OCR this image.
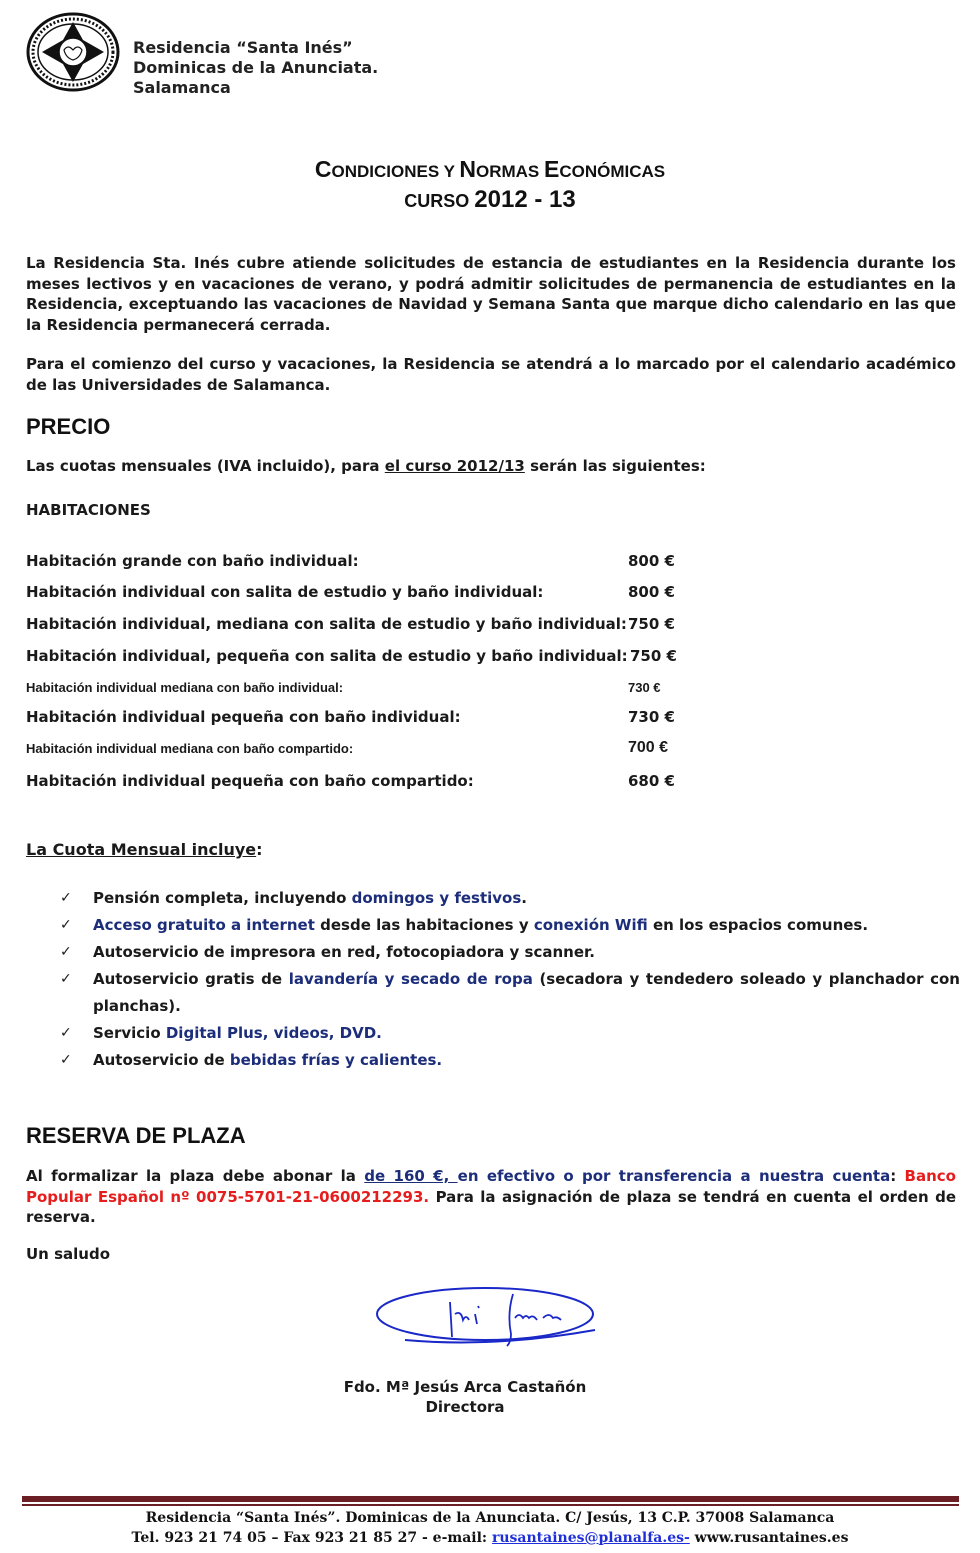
Residencia “Santa Inés”
Dominicas de la Anunciata.
Salamanca
CONDICIONES Y NORMAS ECONÓMICAS
CURSO 2012 - 13
La Residencia Sta. Inés cubre atiende solicitudes de estancia de estudiantes en la Residencia durante los meses lectivos y en vacaciones de verano, y podrá admitir solicitudes de permanencia de estudiantes en la Residencia, exceptuando las vacaciones de Navidad y Semana Santa que marque dicho calendario en las que la Residencia permanecerá cerrada.
Para el comienzo del curso y vacaciones, la Residencia se atendrá a lo marcado por el calendario académico de las Universidades de Salamanca.
PRECIO
Las cuotas mensuales (IVA incluido), para el curso 2012/13 serán las siguientes:
HABITACIONES
Habitación grande con baño individual:	800 €
Habitación individual con salita de estudio y baño individual:	800 €
Habitación individual, mediana con salita de estudio y baño individual: 750 €
Habitación individual, pequeña con salita de estudio y baño individual: 750 €
Habitación individual mediana con baño individual:	730 €
Habitación individual pequeña con baño individual:	730 €
Habitación individual mediana con baño compartido:	700 €
Habitación individual pequeña con baño compartido:	680 €
La Cuota Mensual incluye:
✓ Pensión completa, incluyendo domingos y festivos.
✓ Acceso gratuito a internet desde las habitaciones y conexión Wifi en los espacios comunes.
✓ Autoservicio de impresora en red, fotocopiadora y scanner.
✓ Autoservicio gratis de lavandería y secado de ropa (secadora y tendedero soleado y planchador con planchas).
✓ Servicio Digital Plus, videos, DVD.
✓ Autoservicio de bebidas frías y calientes.
RESERVA DE PLAZA
Al formalizar la plaza debe abonar la de 160 €, en efectivo o por transferencia a nuestra cuenta: Banco Popular Español nº 0075-5701-21-0600212293. Para la asignación de plaza se tendrá en cuenta el orden de reserva.
Un saludo
Fdo. Mª Jesús Arca Castañón
Directora
Residencia “Santa Inés”. Dominicas de la Anunciata. C/ Jesús, 13 C.P. 37008 Salamanca
Tel. 923 21 74 05 – Fax 923 21 85 27 - e-mail: rusantaines@planalfa.es- www.rusantaines.es
